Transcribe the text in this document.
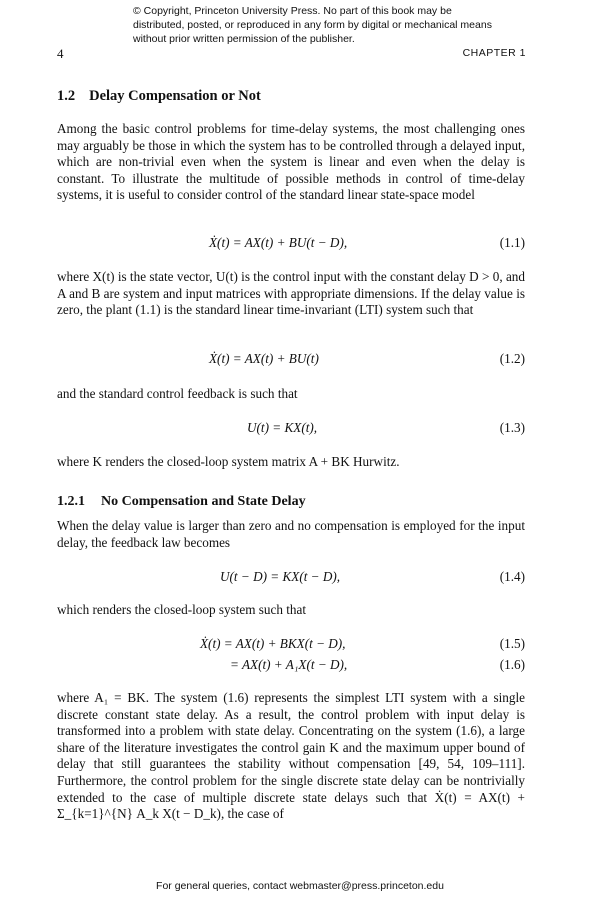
© Copyright, Princeton University Press. No part of this book may be distributed, posted, or reproduced in any form by digital or mechanical means without prior written permission of the publisher.
4	CHAPTER 1
1.2 Delay Compensation or Not
Among the basic control problems for time-delay systems, the most challenging ones may arguably be those in which the system has to be controlled through a delayed input, which are non-trivial even when the system is linear and even when the delay is constant. To illustrate the multitude of possible methods in control of time-delay systems, it is useful to consider control of the standard linear state-space model
Ẋ(t) = AX(t) + BU(t − D),	(1.1)
where X(t) is the state vector, U(t) is the control input with the constant delay D > 0, and A and B are system and input matrices with appropriate dimensions. If the delay value is zero, the plant (1.1) is the standard linear time-invariant (LTI) system such that
Ẋ(t) = AX(t) + BU(t)	(1.2)
and the standard control feedback is such that
U(t) = KX(t),	(1.3)
where K renders the closed-loop system matrix A + BK Hurwitz.
1.2.1 No Compensation and State Delay
When the delay value is larger than zero and no compensation is employed for the input delay, the feedback law becomes
U(t − D) = KX(t − D),	(1.4)
which renders the closed-loop system such that
Ẋ(t) = AX(t) + BKX(t − D),	(1.5)
= AX(t) + A₁X(t − D),	(1.6)
where A₁ = BK. The system (1.6) represents the simplest LTI system with a single discrete constant state delay. As a result, the control problem with input delay is transformed into a problem with state delay. Concentrating on the system (1.6), a large share of the literature investigates the control gain K and the maximum upper bound of delay that still guarantees the stability without compensation [49, 54, 109–111]. Furthermore, the control problem for the single discrete state delay can be nontrivially extended to the case of multiple discrete state delays such that Ẋ(t) = AX(t) + Σ_{k=1}^{N} A_k X(t − D_k), the case of
For general queries, contact webmaster@press.princeton.edu
